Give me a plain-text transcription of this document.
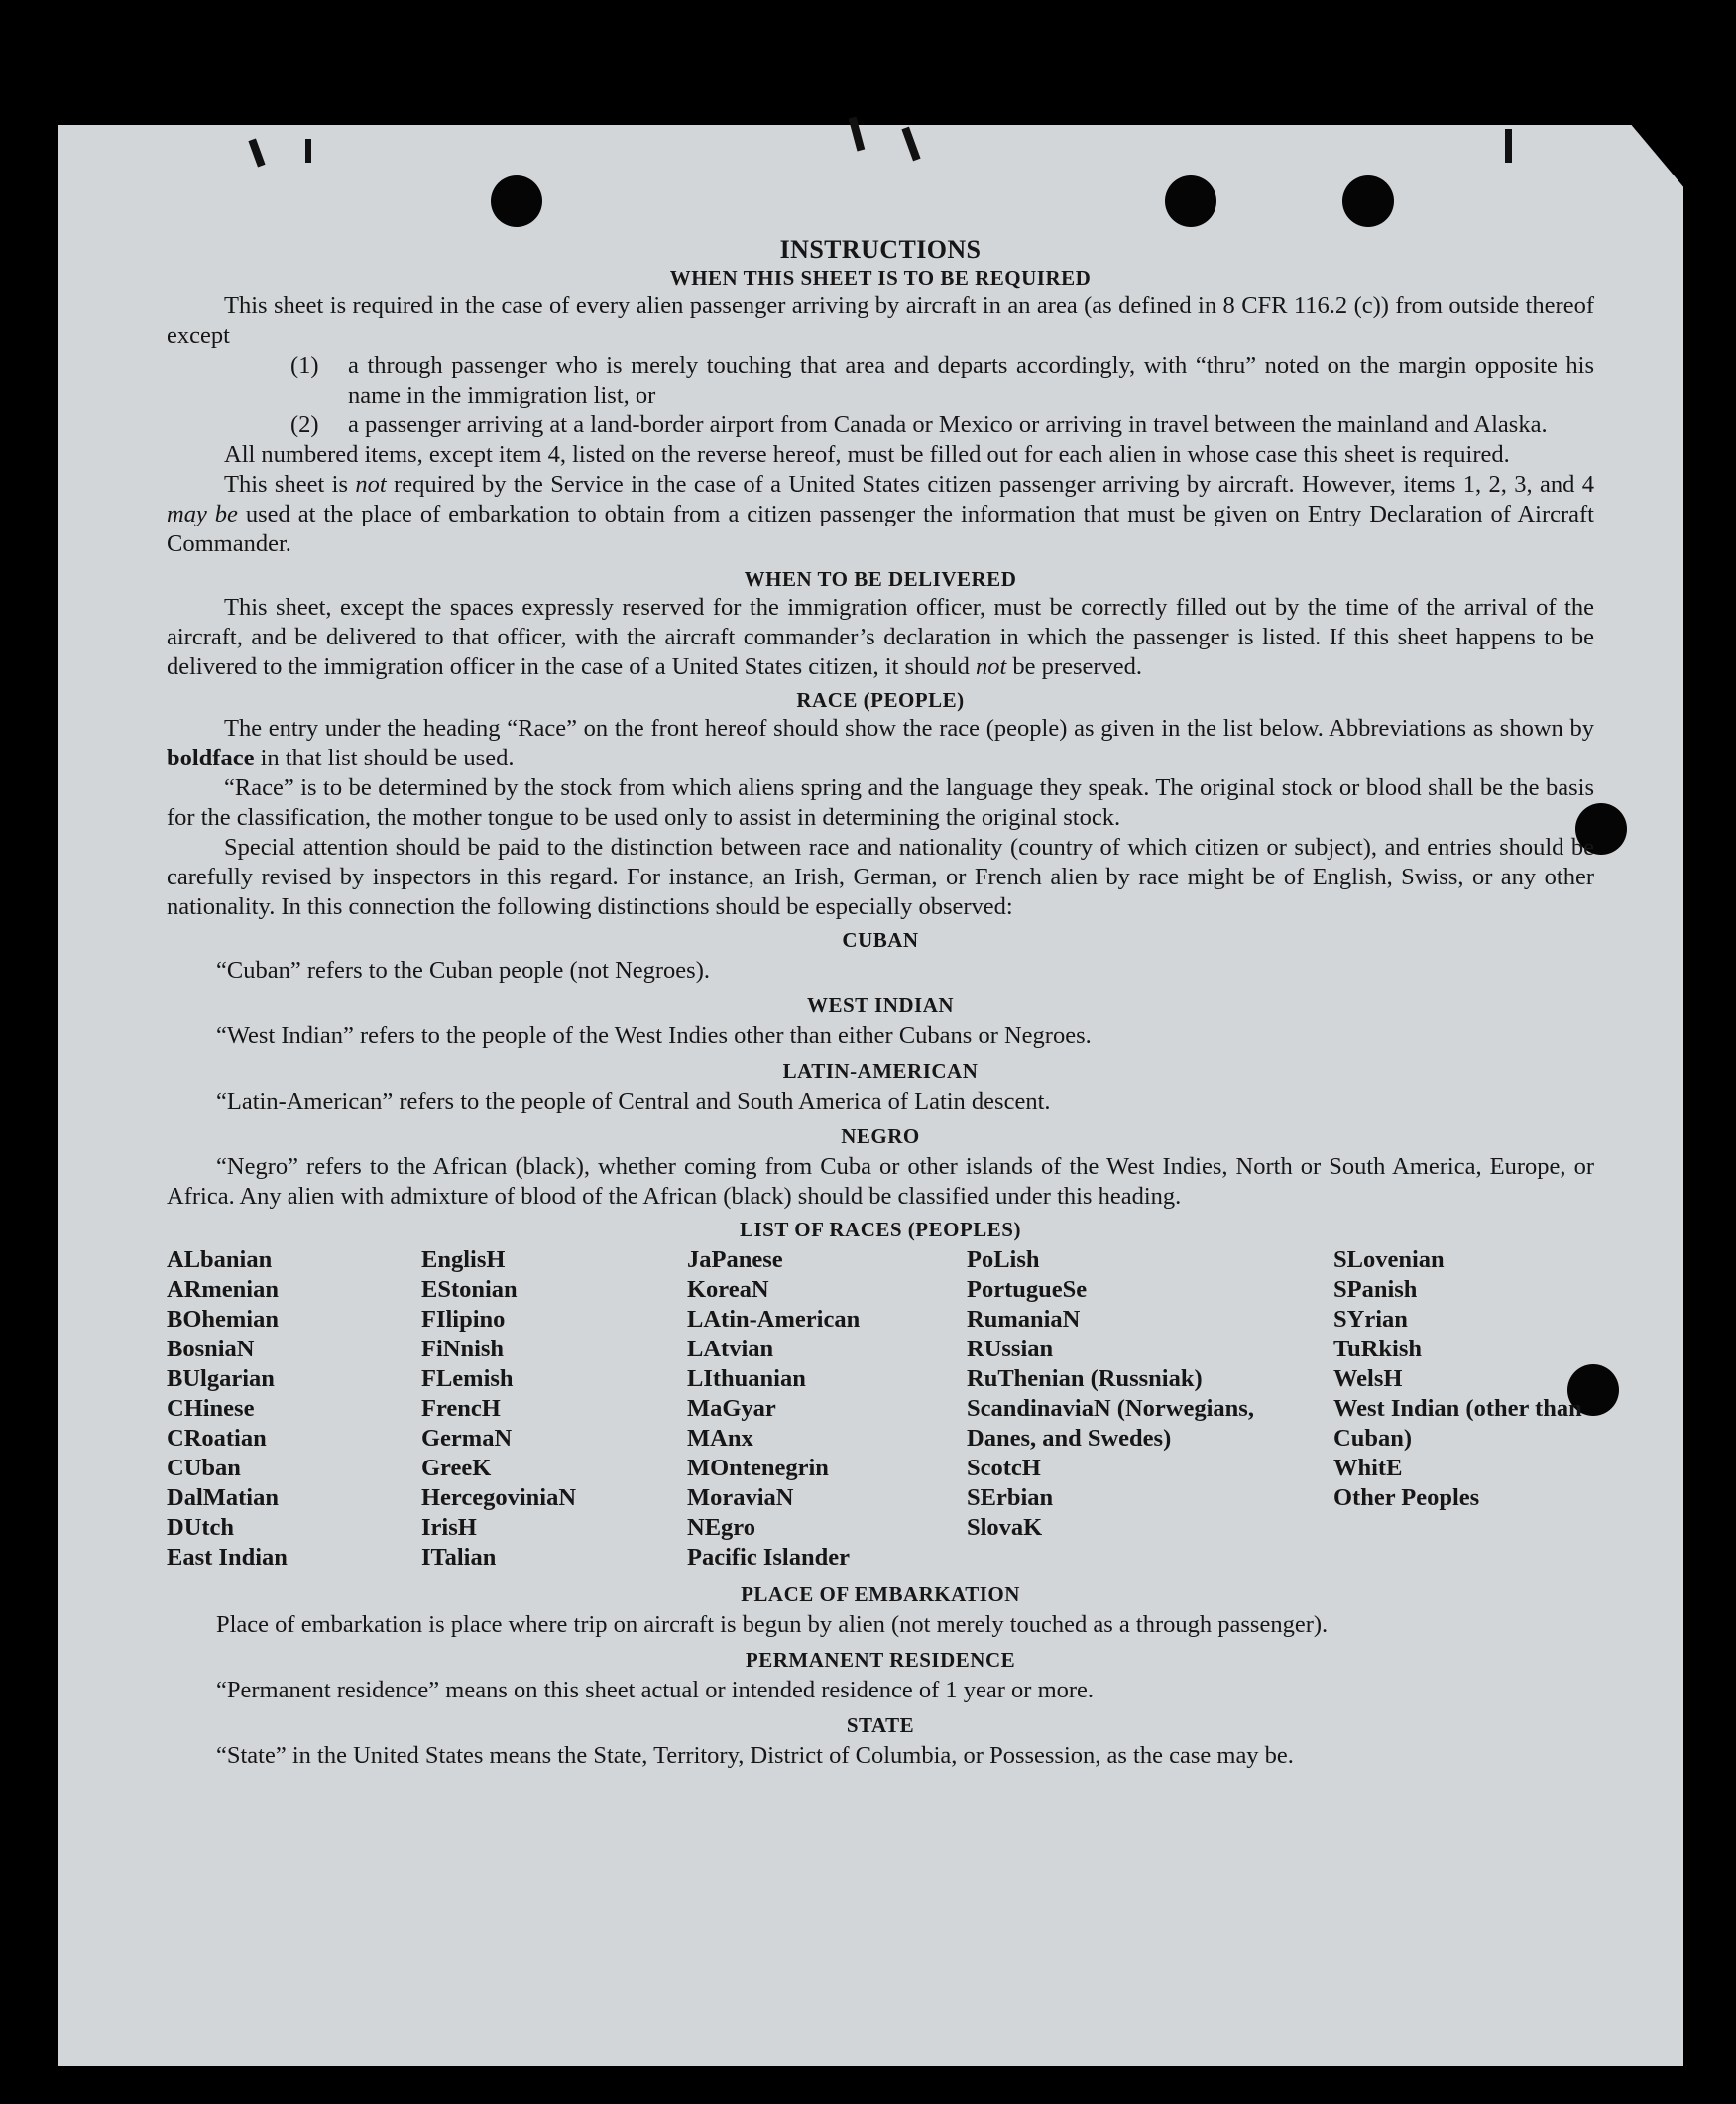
INSTRUCTIONS
WHEN THIS SHEET IS TO BE REQUIRED

This sheet is required in the case of every alien passenger arriving by aircraft in an area (as defined in 8 CFR 116.2 (c)) from outside thereof except

(1)	a through passenger who is merely touching that area and departs accordingly, with “thru” noted on the margin opposite his name in the immigration list, or
(2)	a passenger arriving at a land-border airport from Canada or Mexico or arriving in travel between the mainland and Alaska.

All numbered items, except item 4, listed on the reverse hereof, must be filled out for each alien in whose case this sheet is required.

This sheet is not required by the Service in the case of a United States citizen passenger arriving by aircraft. However, items 1, 2, 3, and 4 may be used at the place of embarkation to obtain from a citizen passenger the information that must be given on Entry Declaration of Aircraft Commander.

WHEN TO BE DELIVERED

This sheet, except the spaces expressly reserved for the immigration officer, must be correctly filled out by the time of the arrival of the aircraft, and be delivered to that officer, with the aircraft commander’s declaration in which the passenger is listed. If this sheet happens to be delivered to the immigration officer in the case of a United States citizen, it should not be preserved.

RACE (PEOPLE)

The entry under the heading “Race” on the front hereof should show the race (people) as given in the list below. Abbreviations as shown by boldface in that list should be used.

“Race” is to be determined by the stock from which aliens spring and the language they speak. The original stock or blood shall be the basis for the classification, the mother tongue to be used only to assist in determining the original stock.

Special attention should be paid to the distinction between race and nationality (country of which citizen or subject), and entries should be carefully revised by inspectors in this regard. For instance, an Irish, German, or French alien by race might be of English, Swiss, or any other nationality. In this connection the following distinctions should be especially observed:

CUBAN

“Cuban” refers to the Cuban people (not Negroes).

WEST INDIAN

“West Indian” refers to the people of the West Indies other than either Cubans or Negroes.

LATIN-AMERICAN

“Latin-American” refers to the people of Central and South America of Latin descent.

NEGRO

“Negro” refers to the African (black), whether coming from Cuba or other islands of the West Indies, North or South America, Europe, or Africa. Any alien with admixture of blood of the African (black) should be classified under this heading.

LIST OF RACES (PEOPLES)
ALbanian
ARmenian
BOhemian
BosniaN
BUlgarian
CHinese
CRoatian
CUban
DalMatian
DUtch
East Indian
EnglisH
EStonian
FIlipino
FiNnish
FLemish
FrencH
GermaN
GreeK
HercegoviniaN
IrisH
ITalian
JaPanese
KoreaN
LAtin-American
LAtvian
LIthuanian
MaGyar
MAnx
MOntenegrin
MoraviaN
NEgro
Pacific Islander
PoLish
PortugueSe
RumaniaN
RUssian
RuThenian (Russniak)
ScandinaviaN (Norwegians, Danes, and Swedes)
ScotcH
SErbian
SlovaK
SLovenian
SPanish
SYrian
TuRkish
WelsH
West Indian (other than Cuban)
WhitE
Other Peoples
PLACE OF EMBARKATION

Place of embarkation is place where trip on aircraft is begun by alien (not merely touched as a through passenger).

PERMANENT RESIDENCE

“Permanent residence” means on this sheet actual or intended residence of 1 year or more.

STATE

“State” in the United States means the State, Territory, District of Columbia, or Possession, as the case may be.
